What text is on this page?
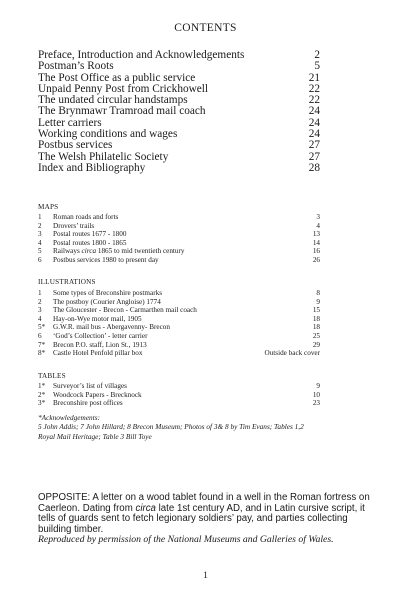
CONTENTS
Preface, Introduction and Acknowledgements	2
Postman’s Roots	5
The Post Office as a public service	21
Unpaid Penny Post from Crickhowell	22
The undated circular handstamps	22
The Brynmawr Tramroad mail coach	24
Letter carriers	24
Working conditions and wages	24
Postbus services	27
The Welsh Philatelic Society	27
Index and Bibliography	28
MAPS
1	Roman roads and forts	3
2	Drovers’ trails	4
3	Postal routes 1677 - 1800	13
4	Postal routes 1800 - 1865	14
5	Railways circa 1865 to mid twentieth century	16
6	Postbus services 1980 to present day	26
ILLUSTRATIONS
1	Some types of Breconshire postmarks	8
2	The postboy (Courier Angloise) 1774	9
3	The Gloucester - Brecon - Carmarthen mail coach	15
4	Hay-on-Wye motor mail, 1905	18
5*	G.W.R. mail bus - Abergavenny- Brecon	18
6	‘God’s Collection’ - letter carrier	25
7*	Brecon P.O. staff, Lion St., 1913	29
8*	Castle Hotel Penfold pillar box	Outside back cover
TABLES
1*	Surveyor’s list of villages	9
2*	Woodcock Papers - Brecknock	10
3*	Breconshire post offices	23
*Acknowledgements:
5 John Addis; 7 John Hillard; 8 Brecon Museum; Photos of 3& 8 by Tim Evans; Tables 1,2
Royal Mail Heritage; Table 3 Bill Toye
OPPOSITE: A letter on a wood tablet found in a well in the Roman fortress on Caerleon. Dating from circa late 1st century AD, and in Latin cursive script, it tells of guards sent to fetch legionary soldiers’ pay, and parties collecting building timber.
Reproduced by permission of the National Museums and Galleries of Wales.
1
